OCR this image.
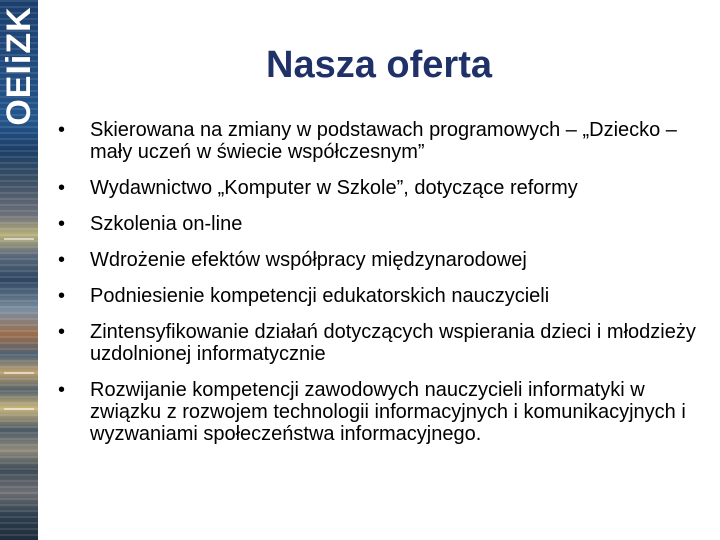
OEIiZK	Nasza oferta
•	Skierowana na zmiany w podstawach programowych – „Dziecko – mały uczeń w świecie współczesnym”
•	Wydawnictwo „Komputer w Szkole”, dotyczące reformy
•	Szkolenia on-line
•	Wdrożenie efektów współpracy międzynarodowej
•	Podniesienie kompetencji edukatorskich nauczycieli
•	Zintensyfikowanie działań dotyczących wspierania dzieci i młodzieży uzdolnionej informatycznie
•	Rozwijanie kompetencji zawodowych nauczycieli informatyki w związku z rozwojem technologii informacyjnych i komunikacyjnych i wyzwaniami społeczeństwa informacyjnego.
